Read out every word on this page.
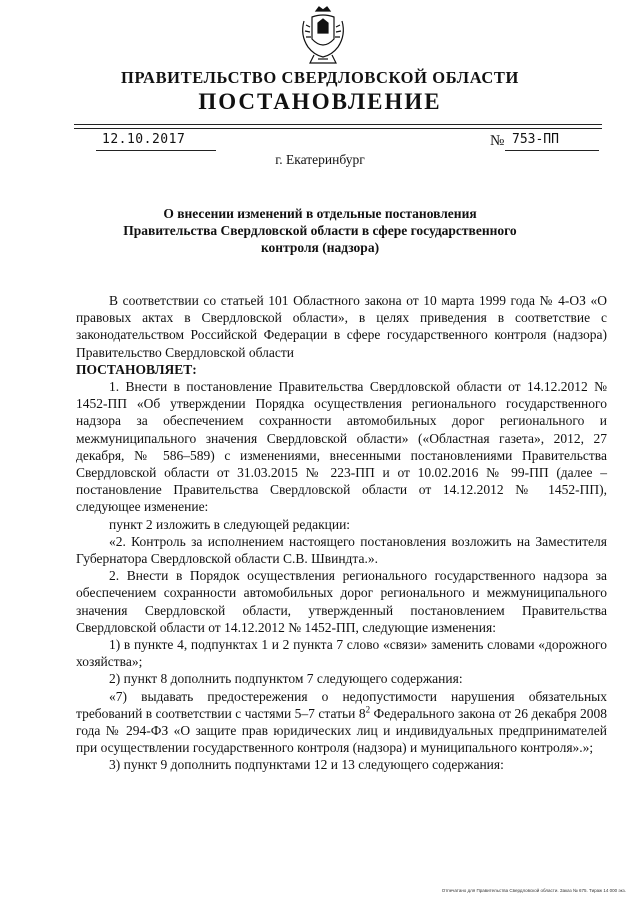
ПРАВИТЕЛЬСТВО СВЕРДЛОВСКОЙ ОБЛАСТИ
ПОСТАНОВЛЕНИЕ
12.10.2017	№ 753-ПП
г. Екатеринбург
О внесении изменений в отдельные постановления
Правительства Свердловской области в сфере государственного
контроля (надзора)

В соответствии со статьей 101 Областного закона от 10 марта 1999 года № 4-ОЗ «О правовых актах в Свердловской области», в целях приведения в соответствие с законодательством Российской Федерации в сфере государственного контроля (надзора) Правительство Свердловской области

ПОСТАНОВЛЯЕТ:

1. Внести в постановление Правительства Свердловской области от 14.12.2012 № 1452-ПП «Об утверждении Порядка осуществления регионального государственного надзора за обеспечением сохранности автомобильных дорог регионального и межмуниципального значения Свердловской области» («Областная газета», 2012, 27 декабря, № 586–589) с изменениями, внесенными постановлениями Правительства Свердловской области от 31.03.2015 № 223-ПП и от 10.02.2016 № 99-ПП (далее – постановление Правительства Свердловской области от 14.12.2012 № 1452-ПП), следующее изменение:

пункт 2 изложить в следующей редакции:

«2. Контроль за исполнением настоящего постановления возложить на Заместителя Губернатора Свердловской области С.В. Швиндта.».

2. Внести в Порядок осуществления регионального государственного надзора за обеспечением сохранности автомобильных дорог регионального и межмуниципального значения Свердловской области, утвержденный постановлением Правительства Свердловской области от 14.12.2012 № 1452-ПП, следующие изменения:

1) в пункте 4, подпунктах 1 и 2 пункта 7 слово «связи» заменить словами «дорожного хозяйства»;

2) пункт 8 дополнить подпунктом 7 следующего содержания:

«7) выдавать предостережения о недопустимости нарушения обязательных требований в соответствии с частями 5–7 статьи $8^2$ Федерального закона от 26 декабря 2008 года № 294-ФЗ «О защите прав юридических лиц и индивидуальных предпринимателей при осуществлении государственного контроля (надзора) и муниципального контроля».»;

3) пункт 9 дополнить подпунктами 12 и 13 следующего содержания:

Отпечатано для Правительства Свердловской области. Заказ № 675. Тираж 14 000 экз.
